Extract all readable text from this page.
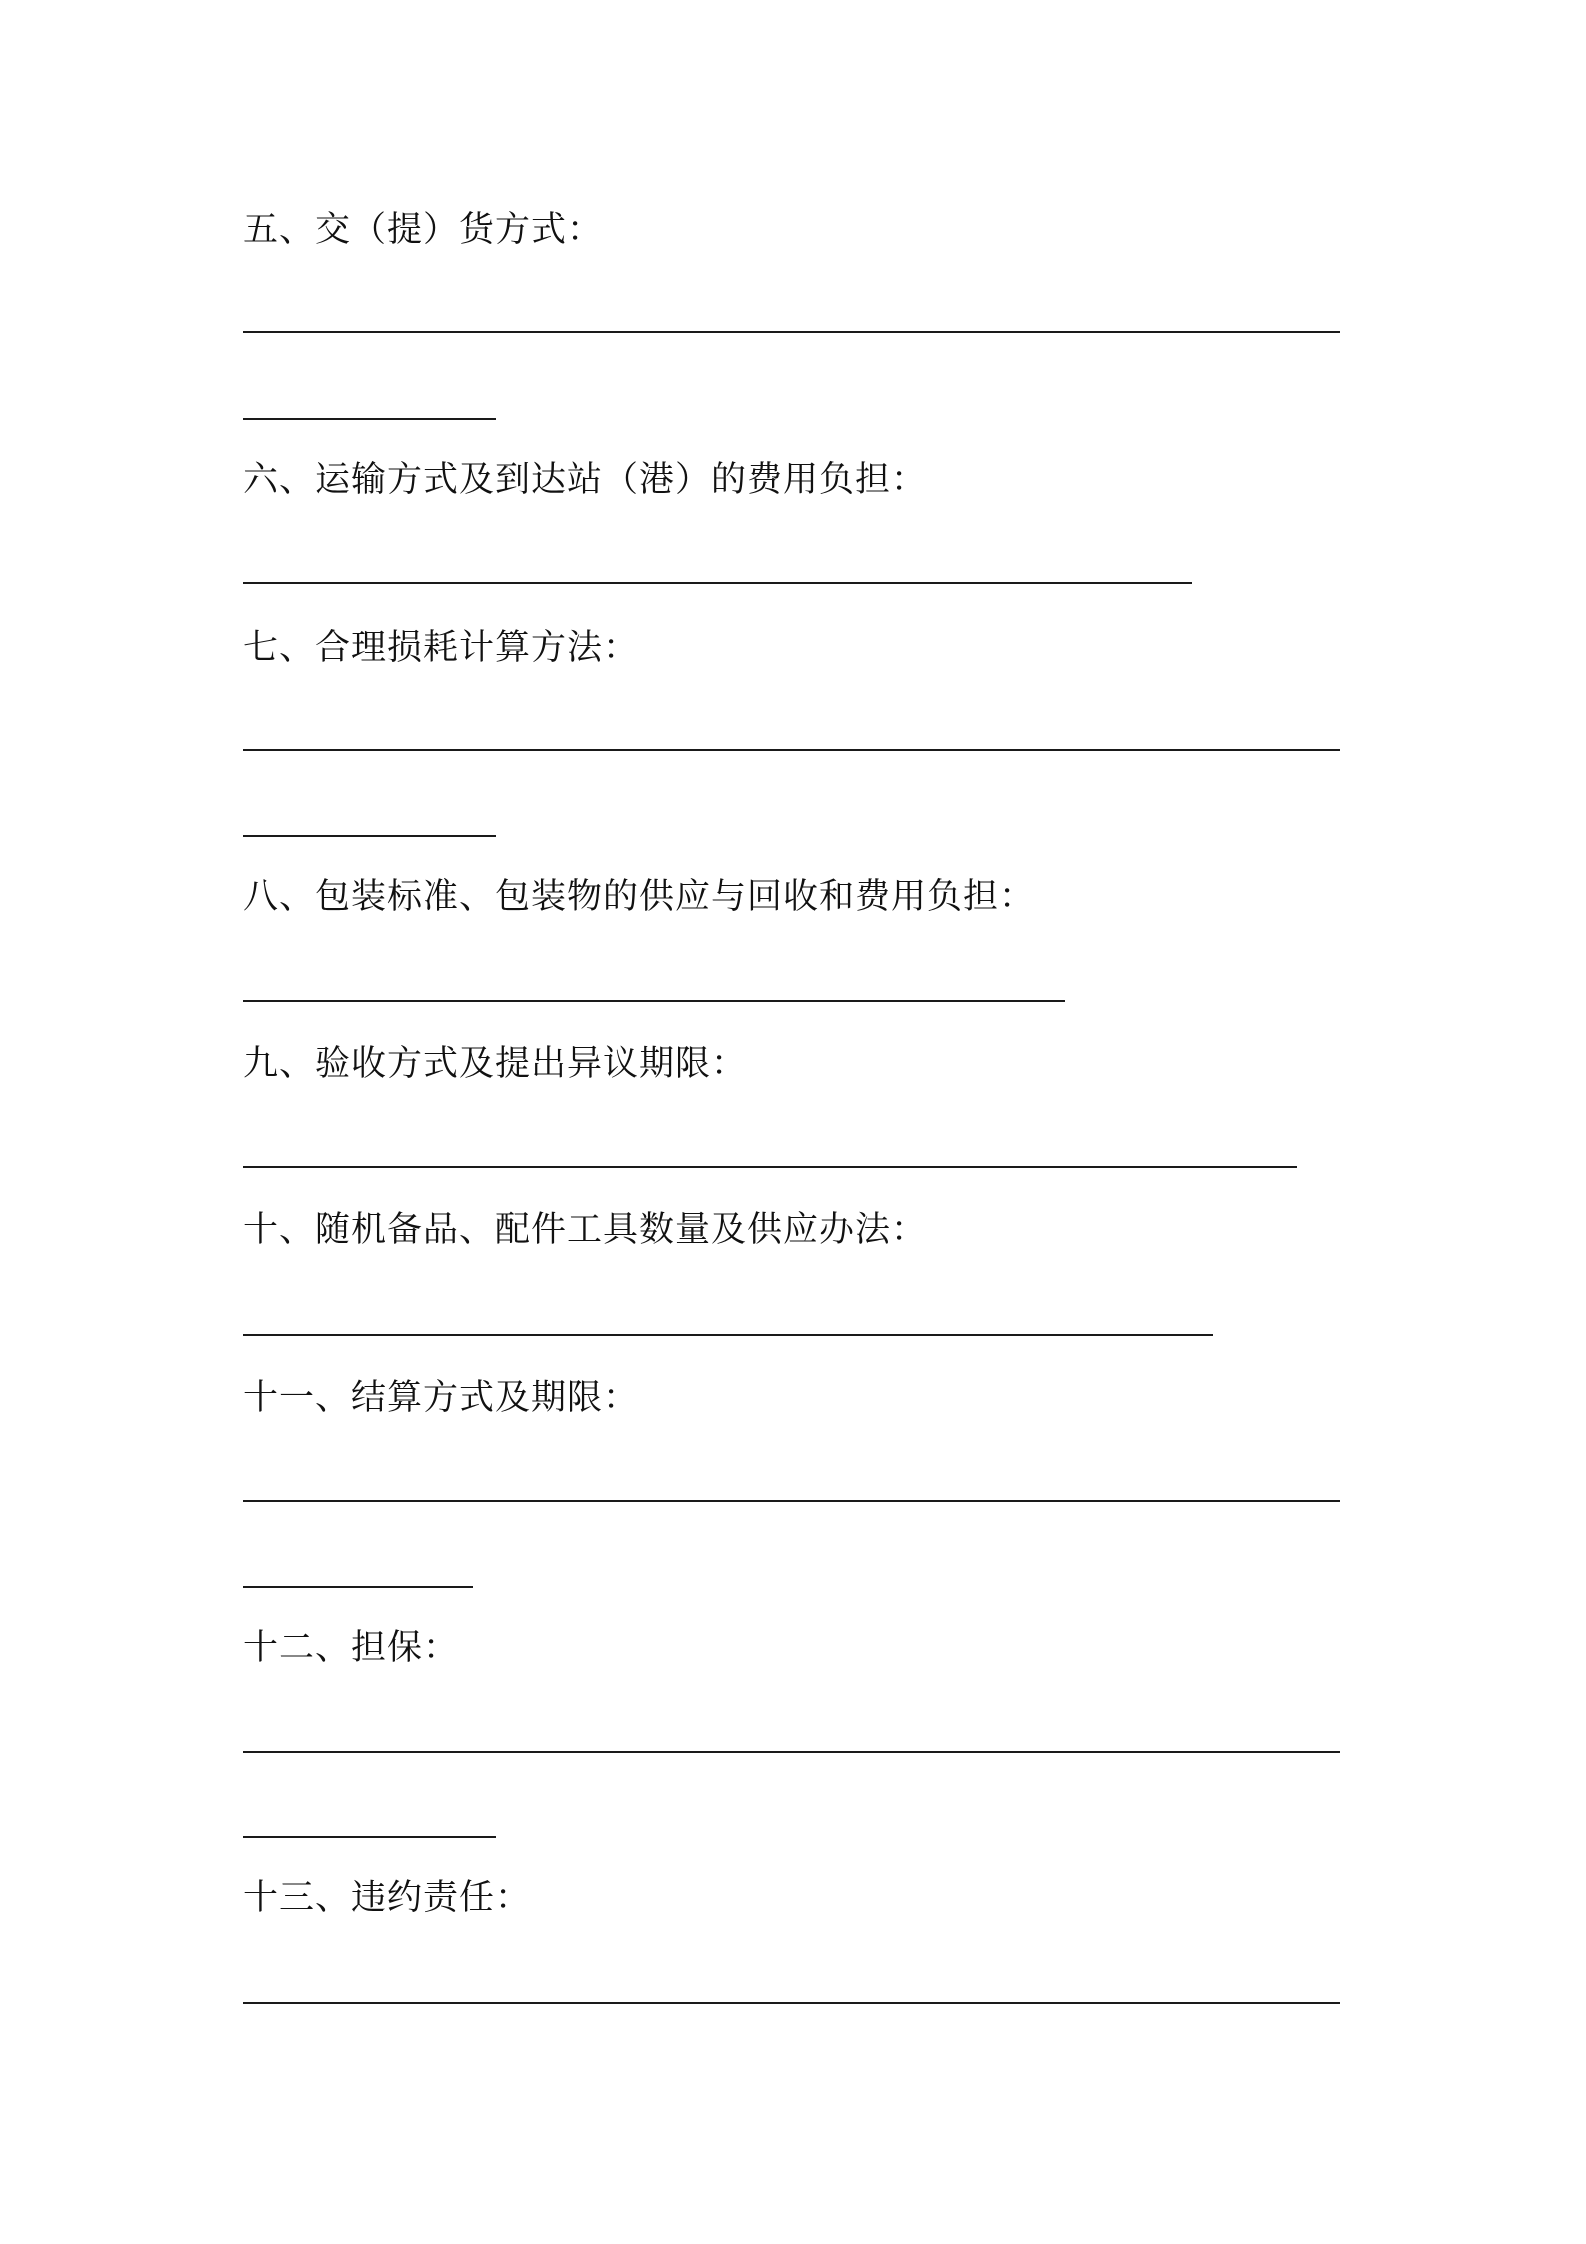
五、交（提）货方式：

六、运输方式及到达站（港）的费用负担：

七、合理损耗计算方法：

八、包装标准、包装物的供应与回收和费用负担：

九、验收方式及提出异议期限：

十、随机备品、配件工具数量及供应办法：

十一、结算方式及期限：

十二、担保：

十三、违约责任：
